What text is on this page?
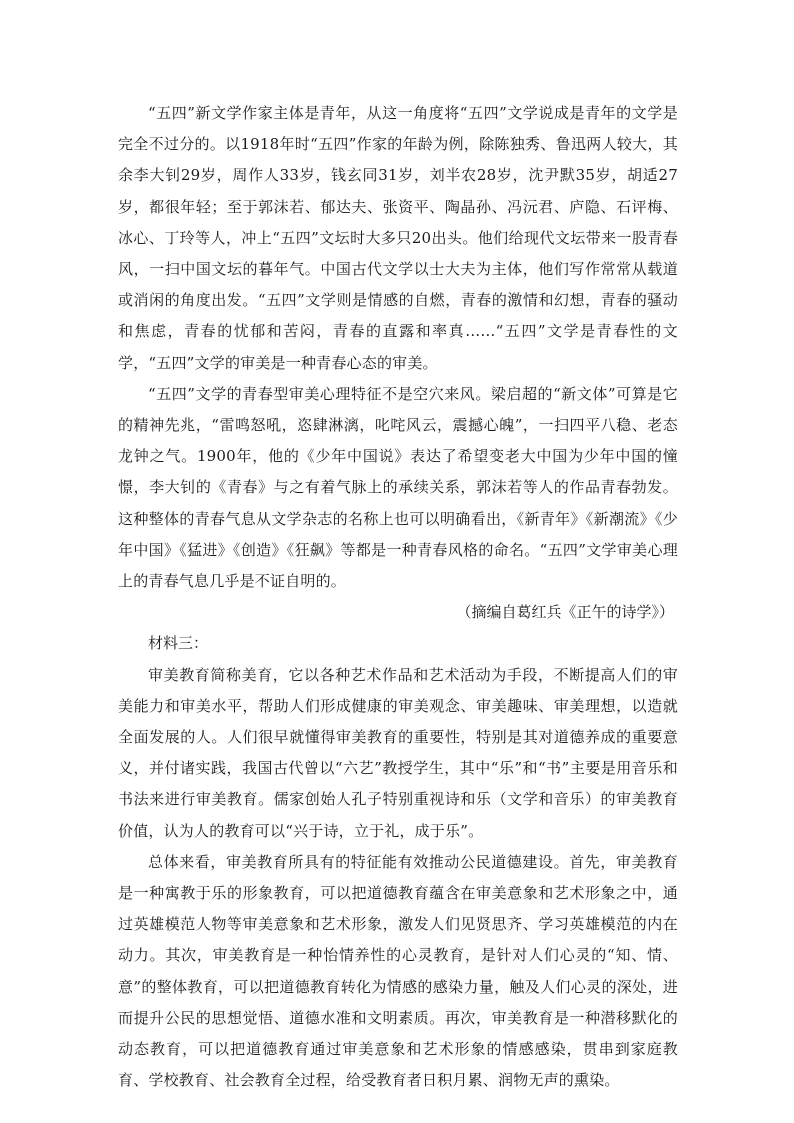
“五四”新文学作家主体是青年，从这一角度将“五四”文学说成是青年的文学是完全不过分的。以1918年时“五四”作家的年龄为例，除陈独秀、鲁迅两人较大，其余李大钊29岁，周作人33岁，钱玄同31岁，刘半农28岁，沈尹默35岁，胡适27岁，都很年轻；至于郭沫若、郁达夫、张资平、陶晶孙、冯沅君、庐隐、石评梅、冰心、丁玲等人，冲上“五四”文坛时大多只20出头。他们给现代文坛带来一股青春风，一扫中国文坛的暮年气。中国古代文学以士大夫为主体，他们写作常常从载道或消闲的角度出发。“五四”文学则是情感的自燃，青春的激情和幻想，青春的骚动和焦虑，青春的忧郁和苦闷，青春的直露和率真……“五四”文学是青春性的文学，“五四”文学的审美是一种青春心态的审美。

“五四”文学的青春型审美心理特征不是空穴来风。梁启超的“新文体”可算是它的精神先兆，“雷鸣怒吼，恣肆淋漓，叱咤风云，震撼心魄”，一扫四平八稳、老态龙钟之气。1900年，他的《少年中国说》表达了希望变老大中国为少年中国的憧憬，李大钊的《青春》与之有着气脉上的承续关系，郭沫若等人的作品青春勃发。这种整体的青春气息从文学杂志的名称上也可以明确看出，《新青年》《新潮流》《少年中国》《猛进》《创造》《狂飙》等都是一种青春风格的命名。“五四”文学审美心理上的青春气息几乎是不证自明的。

（摘编自葛红兵《正午的诗学》）

材料三：

审美教育简称美育，它以各种艺术作品和艺术活动为手段，不断提高人们的审美能力和审美水平，帮助人们形成健康的审美观念、审美趣味、审美理想，以造就全面发展的人。人们很早就懂得审美教育的重要性，特别是其对道德养成的重要意义，并付诸实践，我国古代曾以“六艺”教授学生，其中“乐”和“书”主要是用音乐和书法来进行审美教育。儒家创始人孔子特别重视诗和乐（文学和音乐）的审美教育价值，认为人的教育可以“兴于诗，立于礼，成于乐”。

总体来看，审美教育所具有的特征能有效推动公民道德建设。首先，审美教育是一种寓教于乐的形象教育，可以把道德教育蕴含在审美意象和艺术形象之中，通过英雄模范人物等审美意象和艺术形象，激发人们见贤思齐、学习英雄模范的内在动力。其次，审美教育是一种怡情养性的心灵教育，是针对人们心灵的“知、情、意”的整体教育，可以把道德教育转化为情感的感染力量，触及人们心灵的深处，进而提升公民的思想觉悟、道德水准和文明素质。再次，审美教育是一种潜移默化的动态教育，可以把道德教育通过审美意象和艺术形象的情感感染，贯串到家庭教育、学校教育、社会教育全过程，给受教育者日积月累、润物无声的熏染。
